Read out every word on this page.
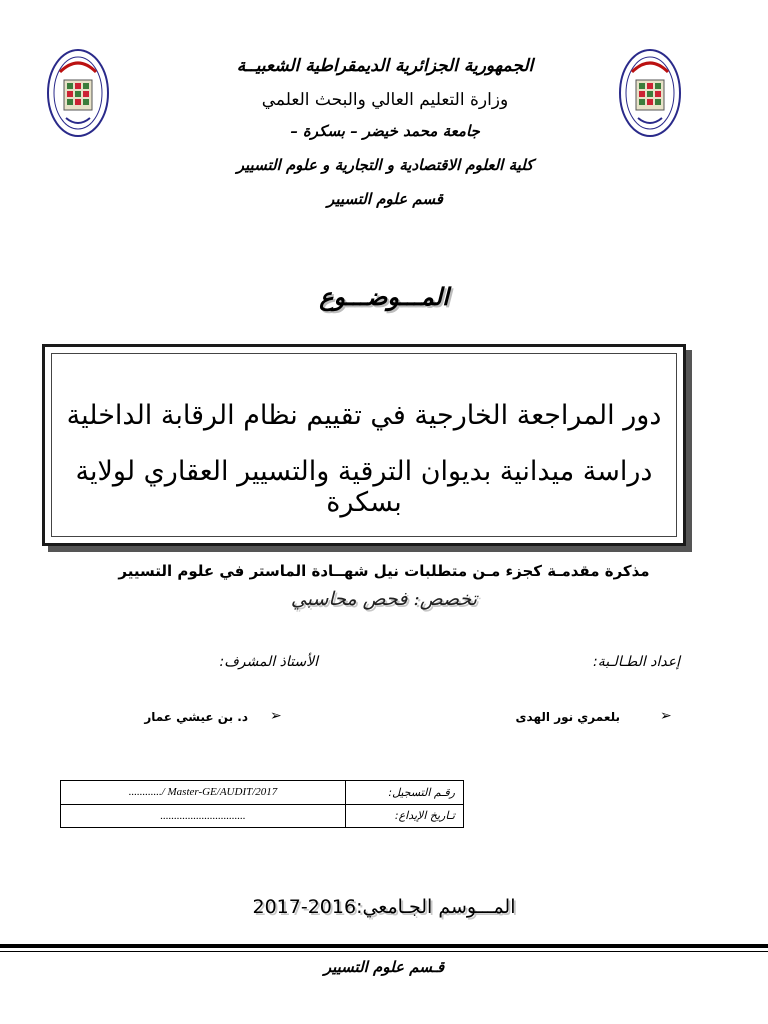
الجمهورية الجزائرية الديمقراطية الشعبيــة
وزارة التعليم العالي والبحث العلمي
جامعة محمد خيضر – بسكرة –
كلية العلوم الاقتصادية و التجارية و علوم التسيير
قسم علوم التسيير
المـــوضـــوع
دور المراجعة الخارجية في تقييم نظام الرقابة الداخلية
دراسة ميدانية بديوان الترقية والتسيير العقاري لولاية بسكرة
مذكرة مقدمـة كجزء مـن متطلبات نيل شهــادة الماستر في علوم التسيير
تخصص: فحص محاسبي
إعداد الطـالـبة:
الأستاذ المشرف:
➢
بلعمري نور الهدى
➢
د. بن عيشي عمار
............/ Master-GE/AUDIT/2017	رقـم التسجيل:
...............................	تـاريخ الإيداع:
المـــوسم الجـامعي:2016-2017
قـسم علوم التسيير
